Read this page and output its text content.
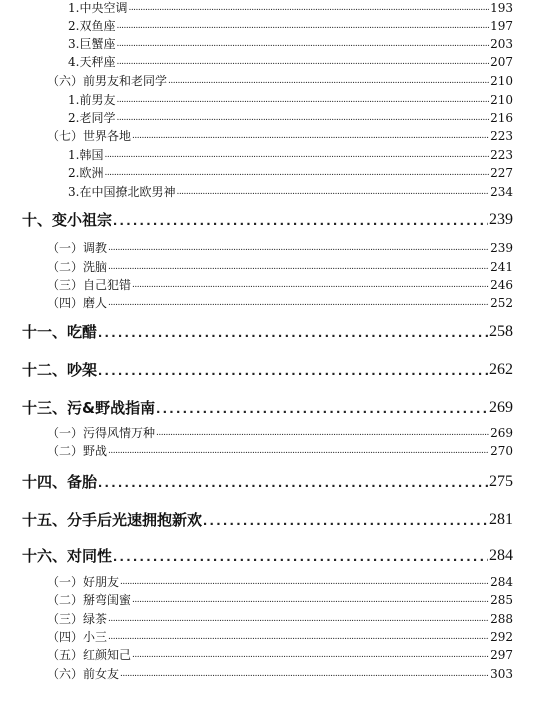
1.中央空调 .....	193
2.双鱼座 .....	197
3.巨蟹座 .....	203
4.天秤座 .....	207
（六）前男友和老同学 .....	210
1.前男友 .....	210
2.老同学 .....	216
（七）世界各地 .....	223
1.韩国 .....	223
2.欧洲 .....	227
3.在中国撩北欧男神 .....	234
十、变小祖宗 .....	239
（一）调教 .....	239
（二）洗脑 .....	241
（三）自己犯错 .....	246
（四）磨人 .....	252
十一、吃醋 .....	258
十二、吵架 .....	262
十三、污&野战指南 .....	269
（一）污得风情万种 .....	269
（二）野战 .....	270
十四、备胎 .....	275
十五、分手后光速拥抱新欢 .....	281
十六、对同性 .....	284
（一）好朋友 .....	284
（二）掰弯闺蜜 .....	285
（三）绿茶 .....	288
（四）小三 .....	292
（五）红颜知己 .....	297
（六）前女友 .....	303
